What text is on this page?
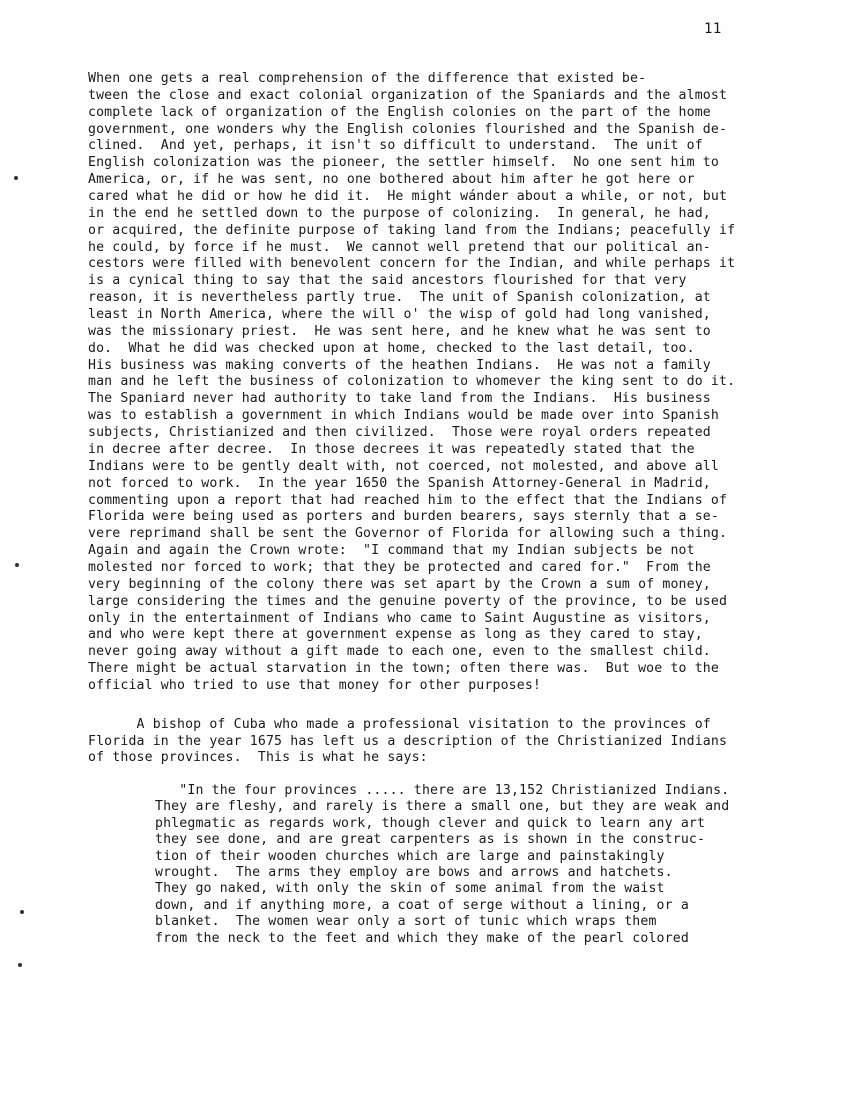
11
When one gets a real comprehension of the difference that existed be-
tween the close and exact colonial organization of the Spaniards and the almost
complete lack of organization of the English colonies on the part of the home
government, one wonders why the English colonies flourished and the Spanish de-
clined.  And yet, perhaps, it isn't so difficult to understand.  The unit of
English colonization was the pioneer, the settler himself.  No one sent him to
America, or, if he was sent, no one bothered about him after he got here or
cared what he did or how he did it.  He might wánder about a while, or not, but
in the end he settled down to the purpose of colonizing.  In general, he had,
or acquired, the definite purpose of taking land from the Indians; peacefully if
he could, by force if he must.  We cannot well pretend that our political an-
cestors were filled with benevolent concern for the Indian, and while perhaps it
is a cynical thing to say that the said ancestors flourished for that very
reason, it is nevertheless partly true.  The unit of Spanish colonization, at
least in North America, where the will o' the wisp of gold had long vanished,
was the missionary priest.  He was sent here, and he knew what he was sent to
do.  What he did was checked upon at home, checked to the last detail, too.
His business was making converts of the heathen Indians.  He was not a family
man and he left the business of colonization to whomever the king sent to do it.
The Spaniard never had authority to take land from the Indians.  His business
was to establish a government in which Indians would be made over into Spanish
subjects, Christianized and then civilized.  Those were royal orders repeated
in decree after decree.  In those decrees it was repeatedly stated that the
Indians were to be gently dealt with, not coerced, not molested, and above all
not forced to work.  In the year 1650 the Spanish Attorney-General in Madrid,
commenting upon a report that had reached him to the effect that the Indians of
Florida were being used as porters and burden bearers, says sternly that a se-
vere reprimand shall be sent the Governor of Florida for allowing such a thing.
Again and again the Crown wrote:  "I command that my Indian subjects be not
molested nor forced to work; that they be protected and cared for."  From the
very beginning of the colony there was set apart by the Crown a sum of money,
large considering the times and the genuine poverty of the province, to be used
only in the entertainment of Indians who came to Saint Augustine as visitors,
and who were kept there at government expense as long as they cared to stay,
never going away without a gift made to each one, even to the smallest child.
There might be actual starvation in the town; often there was.  But woe to the
official who tried to use that money for other purposes!
A bishop of Cuba who made a professional visitation to the provinces of
Florida in the year 1675 has left us a description of the Christianized Indians
of those provinces.  This is what he says:
"In the four provinces ..... there are 13,152 Christianized Indians.
They are fleshy, and rarely is there a small one, but they are weak and
phlegmatic as regards work, though clever and quick to learn any art
they see done, and are great carpenters as is shown in the construc-
tion of their wooden churches which are large and painstakingly
wrought.  The arms they employ are bows and arrows and hatchets.
They go naked, with only the skin of some animal from the waist
down, and if anything more, a coat of serge without a lining, or a
blanket.  The women wear only a sort of tunic which wraps them
from the neck to the feet and which they make of the pearl colored
